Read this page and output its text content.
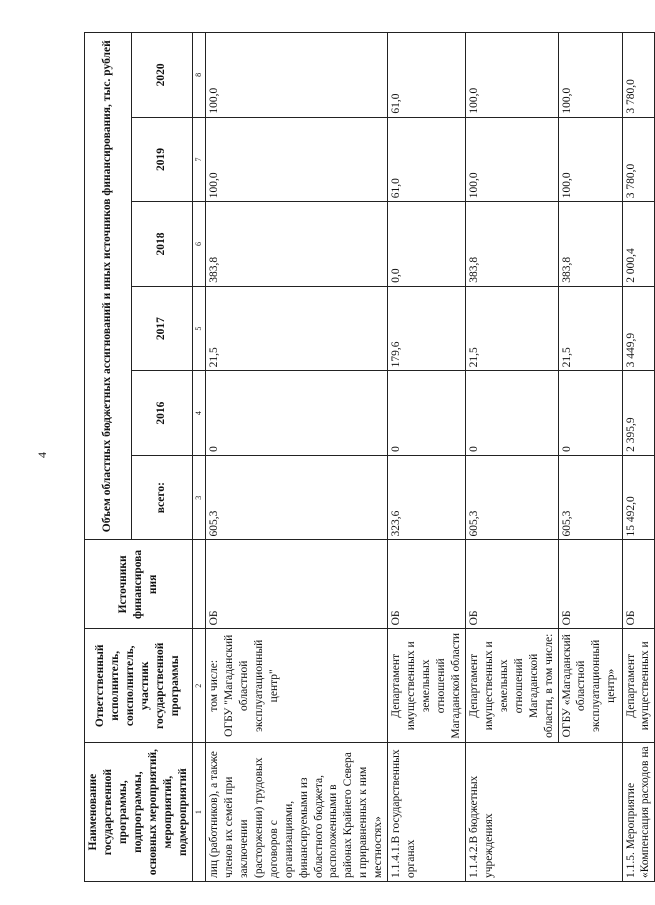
4
Наименование государственной программы, подпрограммы, основных мероприятий, мероприятий, подмероприятий	Ответственный исполнитель, соисполнитель, участник государственной программы	Источники финансирова ния	Объем областных бюджетных ассигнований и иных источников финансирования, тыс. рублей					
			всего:	2016	2017	2018	2019	2020
1	2		3	4	5	6	7	8
лиц (работников), а также членов их семей при заключении (расторжении) трудовых договоров с организациями, финансируемыми из областного бюджета, расположенными в районах Крайнего Севера и приравненных к ним местностях»	том числе: ОГБУ "Магаданский областной эксплуатационный центр"	ОБ	605,3	0	21,5	383,8	100,0	100,0
1.1.4.1.В государственных органах	Департамент имущественных и земельных отношений Магаданской области	ОБ	323,6	0	179,6	0,0	61,0	61,0
1.1.4.2.В бюджетных учреждениях	Департамент имущественных и земельных отношений Магаданской области, в том числе:	ОБ	605,3	0	21,5	383,8	100,0	100,0
	ОГБУ «Магаданский областной эксплуатационный центр»	ОБ	605,3	0	21,5	383,8	100,0	100,0
1.1.5. Мероприятие «Компенсация расходов на	Департамент имущественных и	ОБ	15 492,0	2 395,9	3 449,9	2 000,4	3 780,0	3 780,0
